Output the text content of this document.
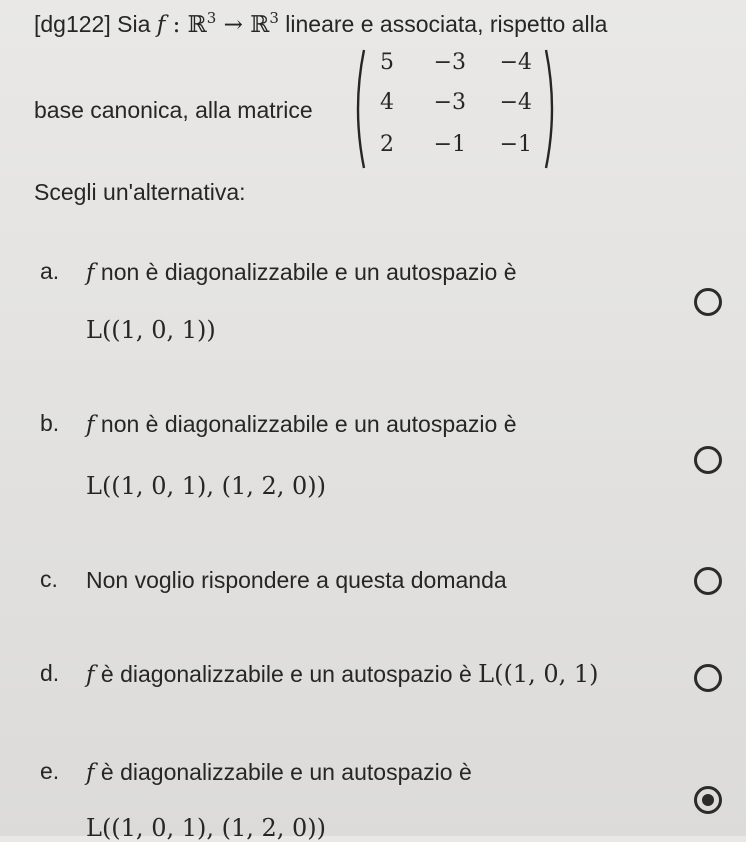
[dg122] Sia f : ℝ$^3$ → ℝ$^3$ lineare e associata, rispetto alla
base canonica, alla matrice
5	−3	−4
4	−3	−4
2	−1	−1
Scegli un'alternativa:
a. f non è diagonalizzabile e un autospazio è
L((1, 0, 1))
b. f non è diagonalizzabile e un autospazio è
L((1, 0, 1), (1, 2, 0))
c. Non voglio rispondere a questa domanda
d. f è diagonalizzabile e un autospazio è L((1, 0, 1)
e. f è diagonalizzabile e un autospazio è
L((1, 0, 1), (1, 2, 0))
